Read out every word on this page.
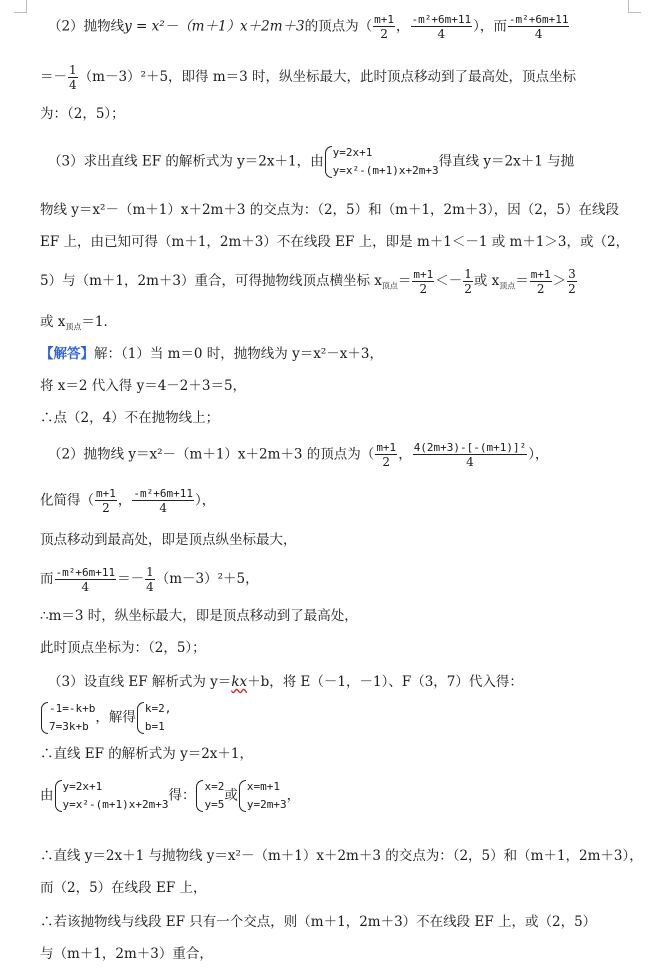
（2）抛物线y = x²－（m＋1）x＋2m＋3的顶点为（ $\frac{m+1}{2}$ ， $\frac{\text{-m²+6m+11}}{4}$ ），而 $\frac{\text{-m²+6m+11}}{4}$
＝－ $\frac{1}{4} (m-3)^2+5$，即得 m＝3 时，纵坐标最大，此时顶点移动到了最高处，顶点坐标
为：（2，5）；
（3）求出直线 EF 的解析式为 y＝2x＋1，由
y=2x+1
y=x²-(m+1)x+2m+3
得直线 y＝2x＋1 与抛
物线 y＝x²－（m＋1）x＋2m＋3 的交点为：（2，5）和（m＋1，2m＋3），因（2，5）在线段
EF 上，由已知可得（m＋1，2m＋3）不在线段 EF 上，即是 m＋1＜－1 或 m＋1＞3，或（2，
5）与（m＋1，2m＋3）重合，可得抛物线顶点横坐标 $x_{顶点}= \frac{m+1}{2} <- \frac{1}{2}$ 或 $x_{顶点}= \frac{m+1}{2} > \frac{3}{2}$
或 $x_{顶点}=1$．
【解答】解：（1）当 m＝0 时，抛物线为 y＝x²－x＋3，
将 x＝2 代入得 y＝4－2＋3＝5，
∴点（2，4）不在抛物线上；
（2）抛物线 y＝x²－（m＋1）x＋2m＋3 的顶点为（ $\frac{m+1}{2}$ ， $\frac{\text{4(2m+3)-[-(m+1)]²}}{4}$ ），
化简得（ $\frac{m+1}{2}$ ， $\frac{\text{-m²+6m+11}}{4}$ ），
顶点移动到最高处，即是顶点纵坐标最大，
而 $\frac{\text{-m²+6m+11}}{4} =- \frac{1}{4} (m-3)^2+5$，
∴m＝3 时，纵坐标最大，即是顶点移动到了最高处，
此时顶点坐标为：（2，5）；
（3）设直线 EF 解析式为 y＝kx＋b，将 E（－1，－1）、F（3，7）代入得：
-1=-k+b
7=3k+b
，解得
k=2,
b=1
∴直线 EF 的解析式为 y＝2x＋1，
由
y=2x+1
y=x²-(m+1)x+2m+3
得：
x=2
y=5
或
x=m+1
y=2m+3
，
∴直线 y＝2x＋1 与抛物线 y＝x²－（m＋1）x＋2m＋3 的交点为：（2，5）和（m＋1，2m＋3），
而（2，5）在线段 EF 上，
∴若该抛物线与线段 EF 只有一个交点，则（m＋1，2m＋3）不在线段 EF 上，或（2，5）
与（m＋1，2m＋3）重合，
